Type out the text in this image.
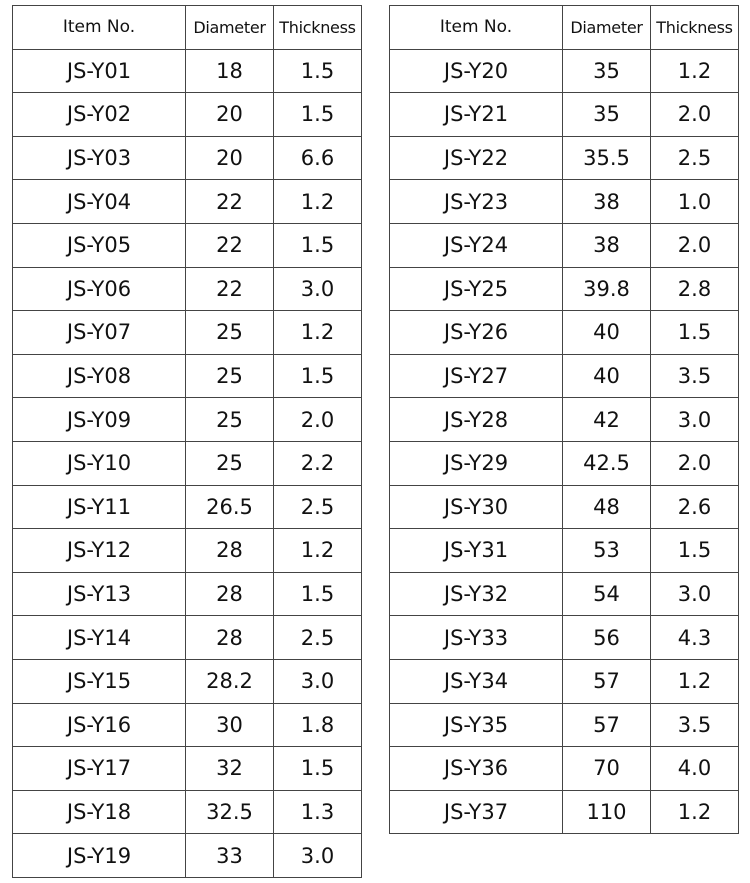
Item No.	Diameter	Thickness
JS-Y01	18	1.5
JS-Y02	20	1.5
JS-Y03	20	6.6
JS-Y04	22	1.2
JS-Y05	22	1.5
JS-Y06	22	3.0
JS-Y07	25	1.2
JS-Y08	25	1.5
JS-Y09	25	2.0
JS-Y10	25	2.2
JS-Y11	26.5	2.5
JS-Y12	28	1.2
JS-Y13	28	1.5
JS-Y14	28	2.5
JS-Y15	28.2	3.0
JS-Y16	30	1.8
JS-Y17	32	1.5
JS-Y18	32.5	1.3
JS-Y19	33	3.0
Item No.	Diameter	Thickness
JS-Y20	35	1.2
JS-Y21	35	2.0
JS-Y22	35.5	2.5
JS-Y23	38	1.0
JS-Y24	38	2.0
JS-Y25	39.8	2.8
JS-Y26	40	1.5
JS-Y27	40	3.5
JS-Y28	42	3.0
JS-Y29	42.5	2.0
JS-Y30	48	2.6
JS-Y31	53	1.5
JS-Y32	54	3.0
JS-Y33	56	4.3
JS-Y34	57	1.2
JS-Y35	57	3.5
JS-Y36	70	4.0
JS-Y37	110	1.2
